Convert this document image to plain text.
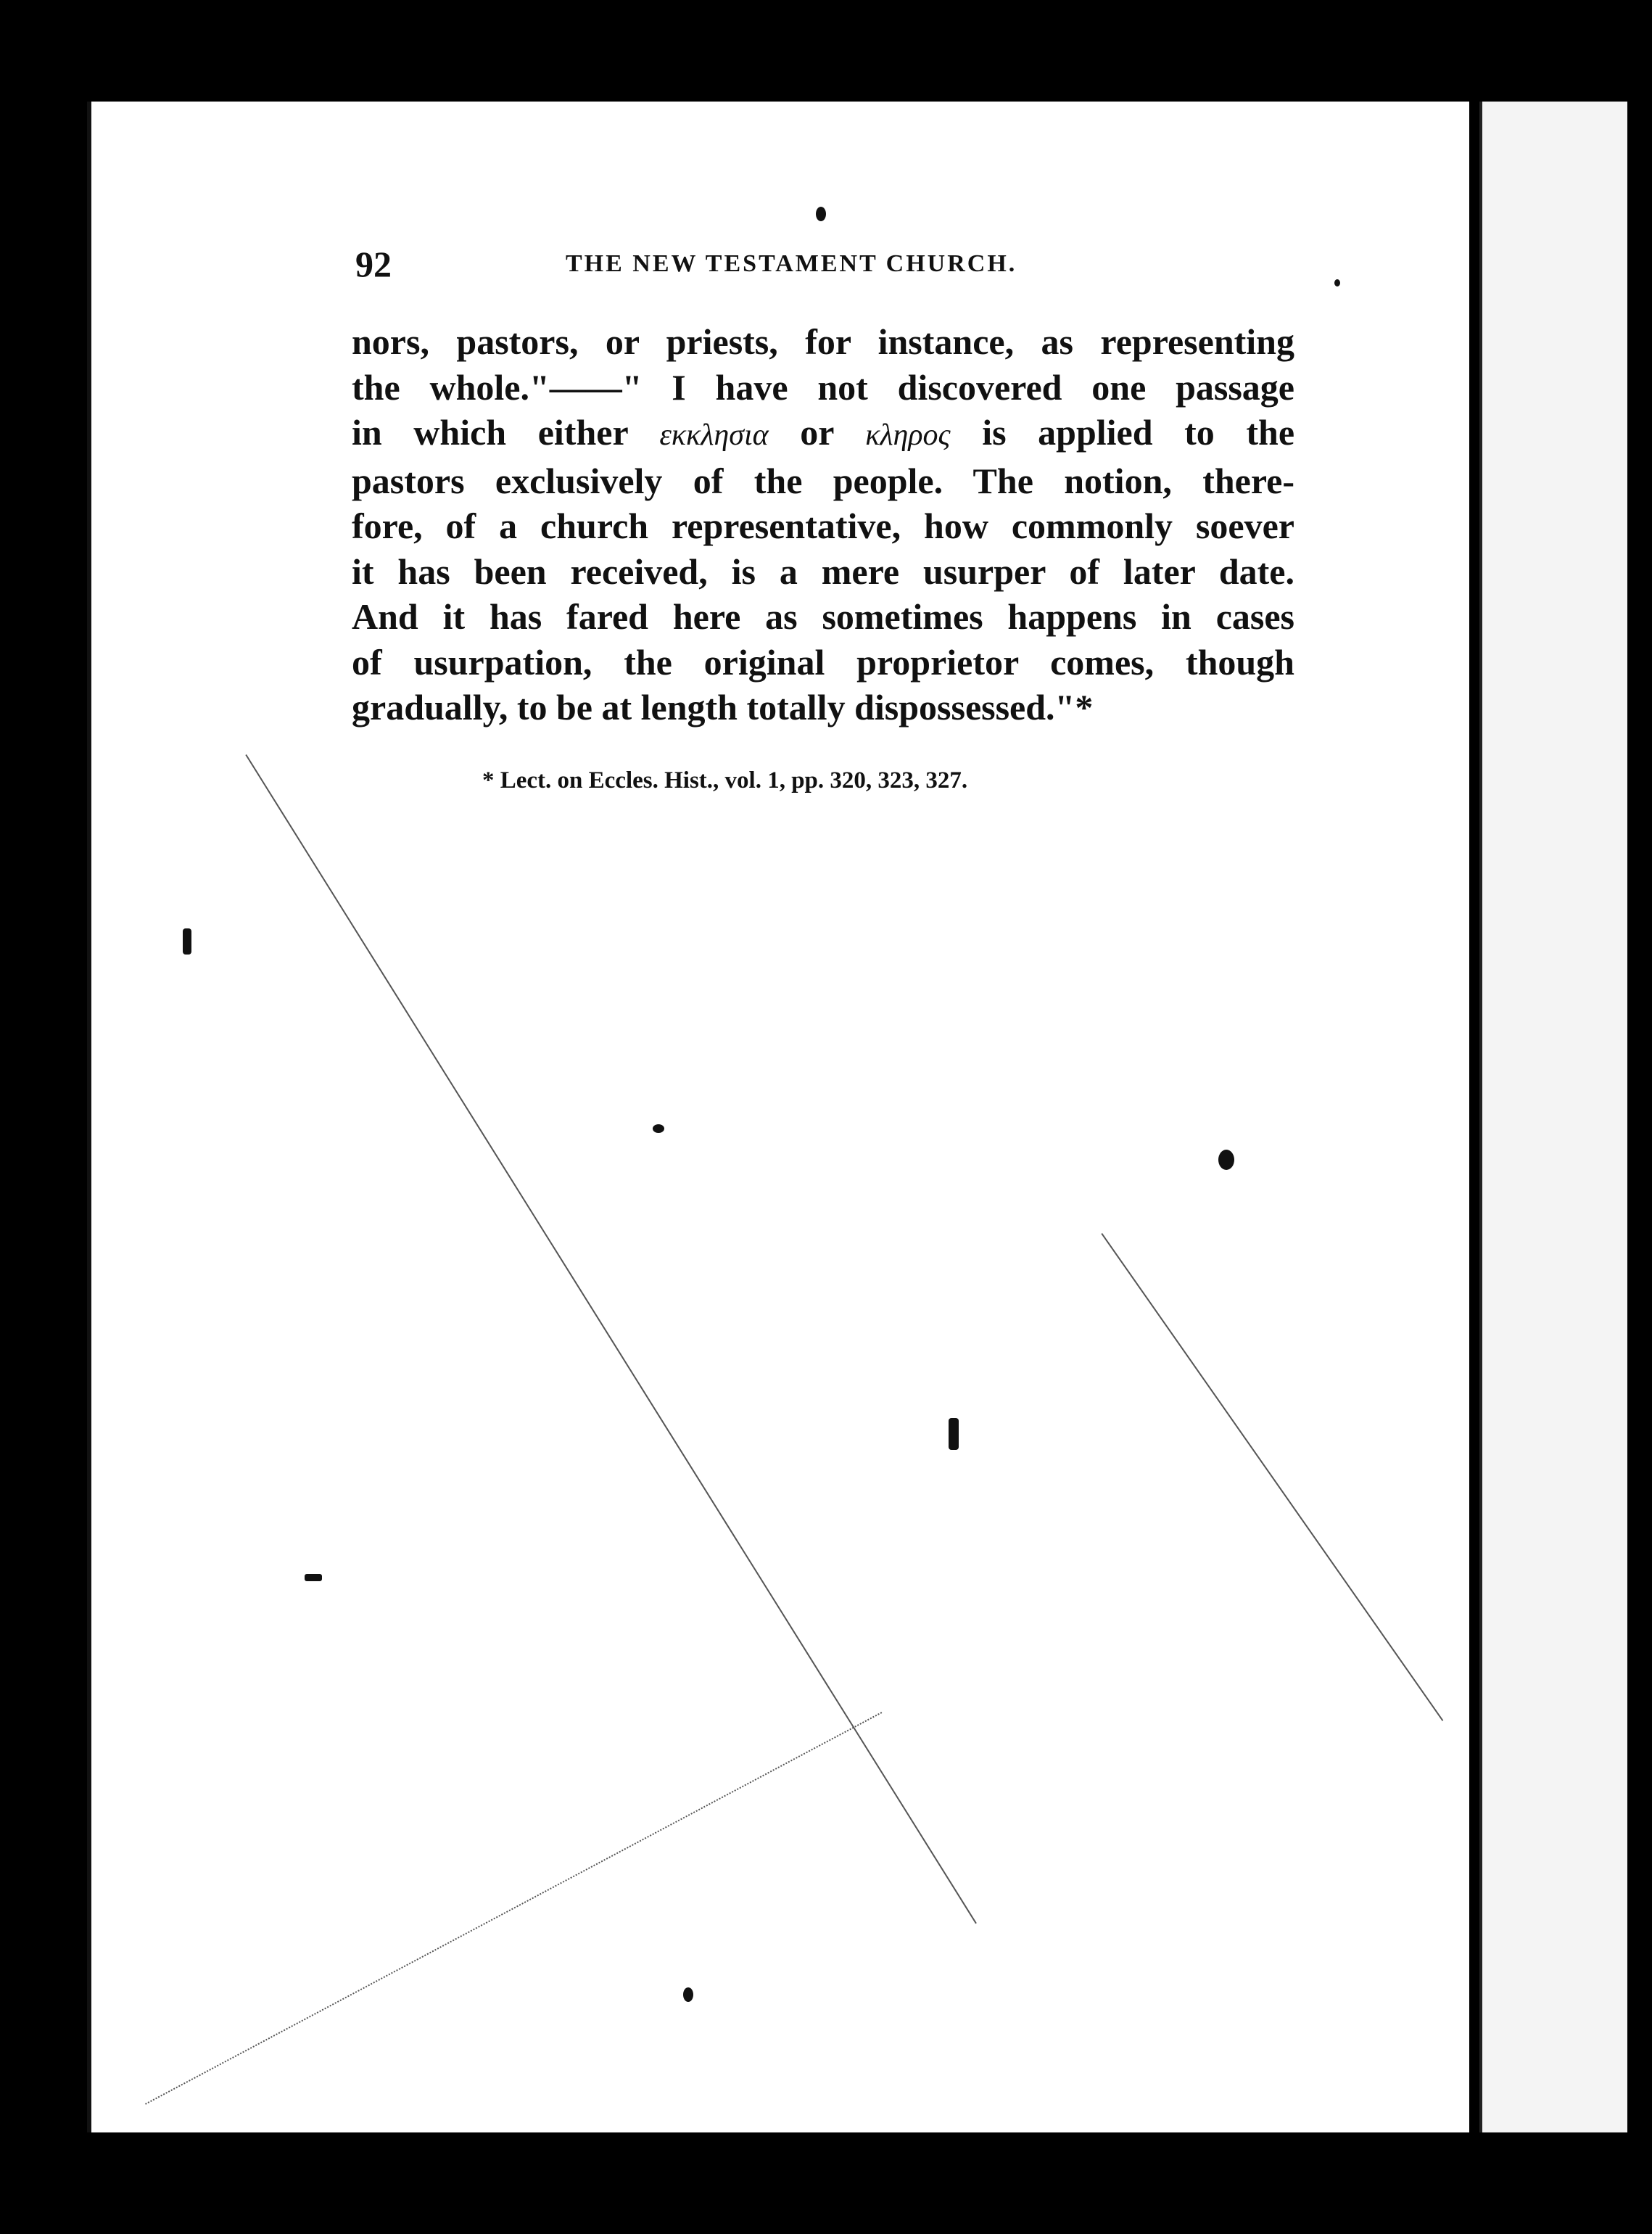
92	THE NEW TESTAMENT CHURCH.
nors, pastors, or priests, for instance, as representing
the whole."——" I have not discovered one passage
in which either εκκλησια or κληρος is applied to the
pastors exclusively of the people. The notion, there-
fore, of a church representative, how commonly soever
it has been received, is a mere usurper of later date.
And it has fared here as sometimes happens in cases
of usurpation, the original proprietor comes, though
gradually, to be at length totally dispossessed."*
* Lect. on Eccles. Hist., vol. 1, pp. 320, 323, 327.
